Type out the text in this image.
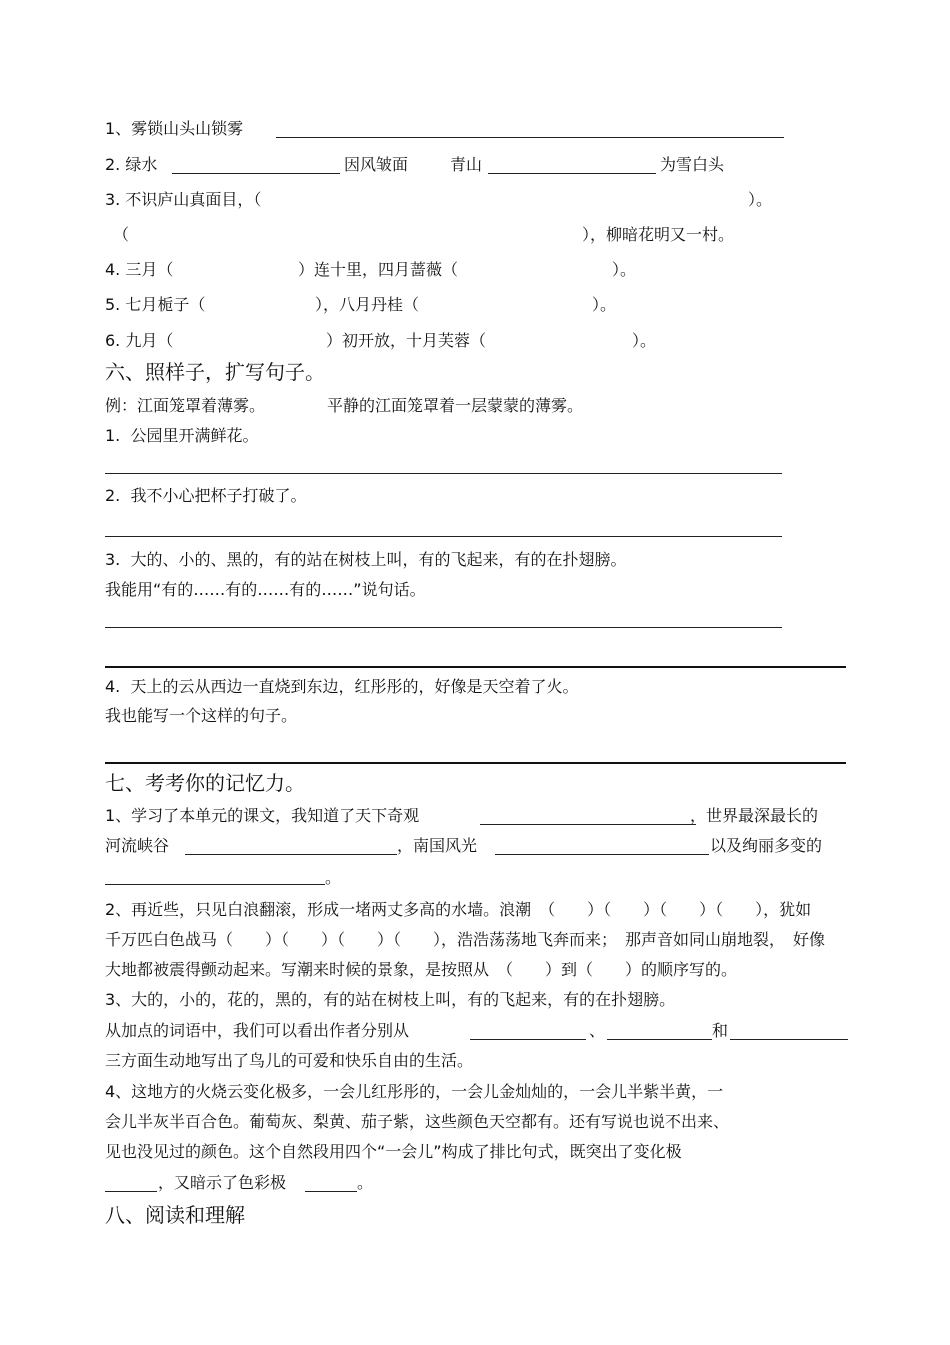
1、雾锁山头山锁雾
2. 绿水	因风皱面	青山	为雪白头
3. 不识庐山真面目，（	）。
（	），柳暗花明又一村。
4. 三月（	）连十里，四月蔷薇（	）。
5. 七月栀子（	），八月丹桂（	）。
6. 九月（	）初开放，十月芙蓉（	）。
六、照样子，扩写句子。
例：江面笼罩着薄雾。	平静的江面笼罩着一层蒙蒙的薄雾。
1.  公园里开满鲜花。
2.  我不小心把杯子打破了。
3.  大的、小的、黑的，有的站在树枝上叫，有的飞起来，有的在扑翅膀。
我能用“有的……有的……有的……”说句话。
4.  天上的云从西边一直烧到东边，红彤彤的，好像是天空着了火。
我也能写一个这样的句子。
七、考考你的记忆力。
1、学习了本单元的课文，我知道了天下奇观	，世界最深最长的
河流峡谷	，南国风光	以及绚丽多变的
。
2、再近些，只见白浪翻滚，形成一堵两丈多高的水墙。浪潮　（　　）（　　）（　　）（　　），犹如
千万匹白色战马（　　）（　　）（　　）（　　），浩浩荡荡地飞奔而来；　那声音如同山崩地裂，　好像
大地都被震得颤动起来。写潮来时候的景象，是按照从　（　　）到（　　）的顺序写的。
3、大的，小的，花的，黑的，有的站在树枝上叫，有的飞起来，有的在扑翅膀。
从加点的词语中，我们可以看出作者分别从	、	和
三方面生动地写出了鸟儿的可爱和快乐自由的生活。
4、这地方的火烧云变化极多，一会儿红彤彤的，一会儿金灿灿的，一会儿半紫半黄，一
会儿半灰半百合色。葡萄灰、梨黄、茄子紫，这些颜色天空都有。还有写说也说不出来、
见也没见过的颜色。这个自然段用四个“一会儿”构成了排比句式，既突出了变化极
，又暗示了色彩极	。
八、阅读和理解
